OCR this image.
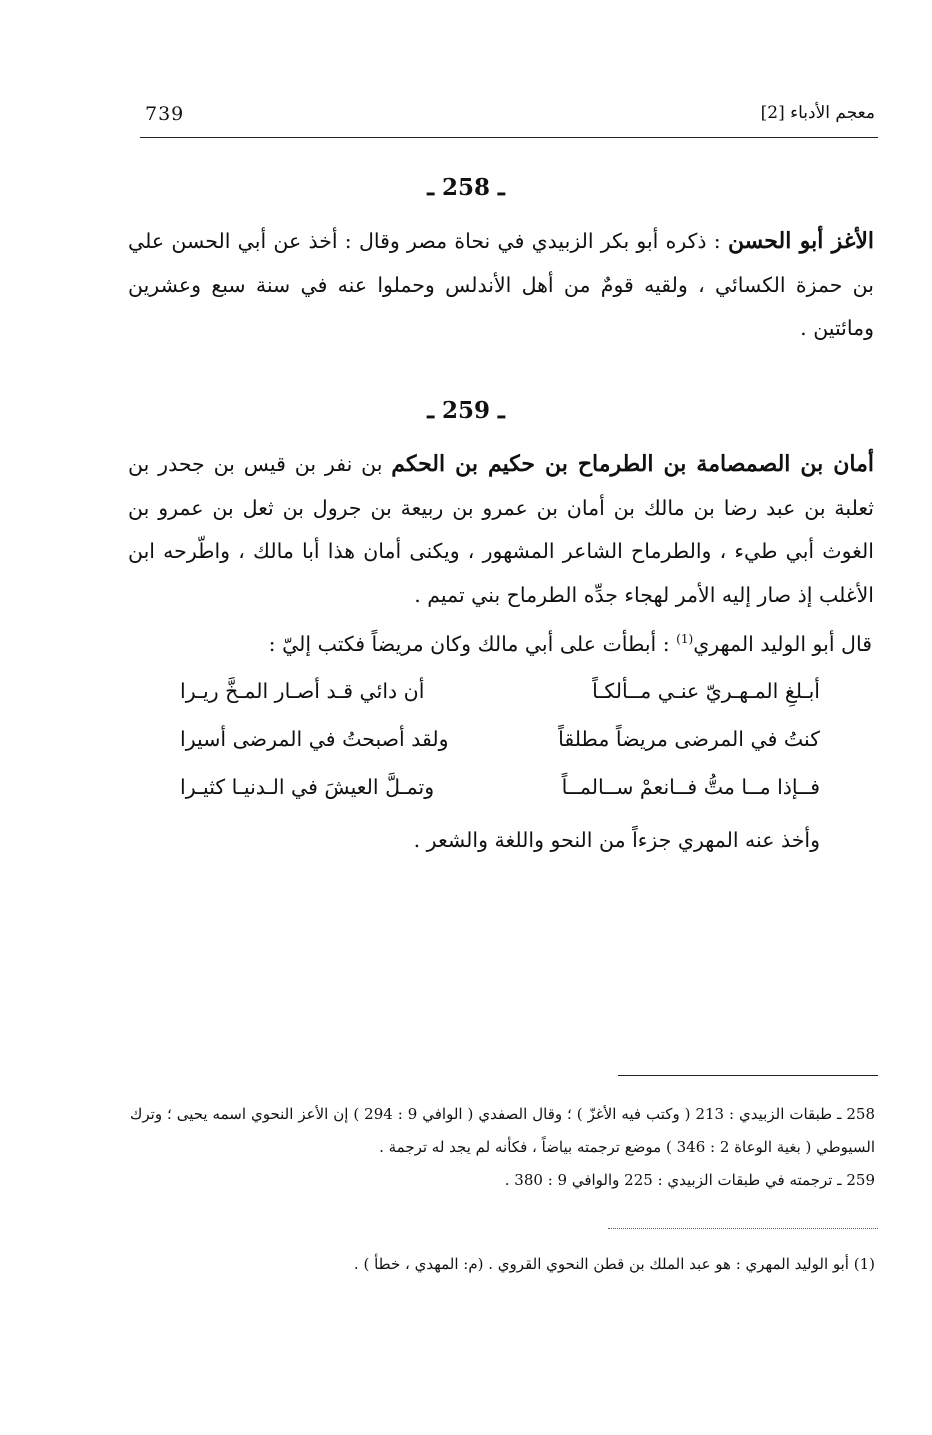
739	معجم الأدباء [2]
ـ 258 ـ
الأغز أبو الحسن : ذكره أبو بكر الزبيدي في نحاة مصر وقال : أخذ عن أبي الحسن علي بن حمزة الكسائي ، ولقيه قومٌ من أهل الأندلس وحملوا عنه في سنة سبع وعشرين ومائتين .
ـ 259 ـ
أمان بن الصمصامة بن الطرماح بن حكيم بن الحكم بن نفر بن قيس بن جحدر بن ثعلبة بن عبد رضا بن مالك بن أمان بن عمرو بن ربيعة بن جرول بن ثعل بن عمرو بن الغوث أبي طيء ، والطرماح الشاعر المشهور ، ويكنى أمان هذا أبا مالك ، واطّرحه ابن الأغلب إذ صار إليه الأمر لهجاء جدِّه الطرماح بني تميم .
قال أبو الوليد المهري$^{(1)}$ : أبطأت على أبي مالك وكان مريضاً فكتب إليّ :
أبـلغِ المـهـريّ عنـي مــألكـاً
أن دائي قـد أصـار المـخَّ ريـرا
كنتُ في المرضى مريضاً مطلقاً
ولقد أصبحتُ في المرضى أسيرا
فــإذا مــا متُّ فــانعمْ ســالمــاً
وتمـلَّ العيشَ في الـدنيـا كثيـرا
وأخذ عنه المهري جزءاً من النحو واللغة والشعر .
258 ـ طبقات الزبيدي : 213 ( وكتب فيه الأغزّ ) ؛ وقال الصفدي ( الوافي 9 : 294 ) إن الأعز النحوي اسمه يحيى ؛ وترك السيوطي ( بغية الوعاة 2 : 346 ) موضع ترجمته بياضاً ، فكأنه لم يجد له ترجمة .
259 ـ ترجمته في طبقات الزبيدي : 225 والوافي 9 : 380 .
(1) أبو الوليد المهري : هو عبد الملك بن قطن النحوي القروي . (م: المهدي ، خطأ ) .
